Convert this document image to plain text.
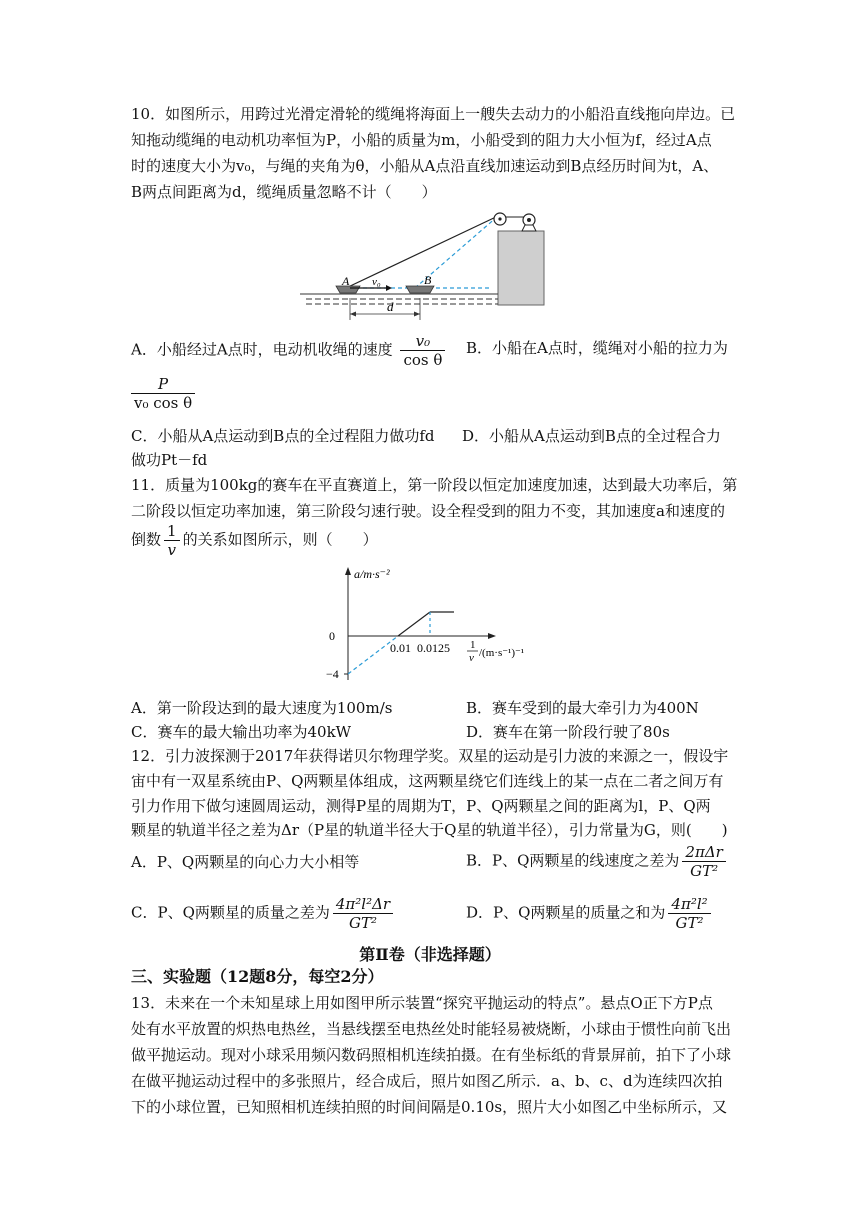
10．如图所示，用跨过光滑定滑轮的缆绳将海面上一艘失去动力的小船沿直线拖向岸边。已
知拖动缆绳的电动机功率恒为P，小船的质量为m，小船受到的阻力大小恒为f，经过A点
时的速度大小为v₀，与绳的夹角为θ，小船从A点沿直线加速运动到B点经历时间为t，A、
B两点间距离为d，缆绳质量忽略不计（　　）
A	B
v₀
d
A．小船经过A点时，电动机收绳的速度 $\frac{\text{v₀}}{\text{cos θ}}$ B．小船在A点时，缆绳对小船的拉力为
$\frac{P}{\text{v₀ cos θ}}$
C．小船从A点运动到B点的全过程阻力做功fd D．小船从A点运动到B点的全过程合力
做功Pt－fd
11．质量为100kg的赛车在平直赛道上，第一阶段以恒定加速度加速，达到最大功率后，第
二阶段以恒定功率加速，第三阶段匀速行驶。设全程受到的阻力不变，其加速度a和速度的
倒数 $\frac{1}{v}$ 的关系如图所示，则（　　）
a/m·s⁻²
0
−4
0.01 0.0125 1
v /(m·s⁻¹)⁻¹
A．第一阶段达到的最大速度为100m/s	B．赛车受到的最大牵引力为400N
C．赛车的最大输出功率为40kW	D．赛车在第一阶段行驶了80s
12．引力波探测于2017年获得诺贝尔物理学奖。双星的运动是引力波的来源之一，假设宇
宙中有一双星系统由P、Q两颗星体组成，这两颗星绕它们连线上的某一点在二者之间万有
引力作用下做匀速圆周运动，测得P星的周期为T，P、Q两颗星之间的距离为l，P、Q两
颗星的轨道半径之差为Δr（P星的轨道半径大于Q星的轨道半径），引力常量为G，则(　　)
A．P、Q两颗星的向心力大小相等	B．P、Q两颗星的线速度之差为 $\frac{\text{2πΔr}}{\text{GT²}}$
C．P、Q两颗星的质量之差为 $\frac{\text{4π²l²Δr}}{\text{GT²}}$	D．P、Q两颗星的质量之和为 $\frac{\text{4π²l²}}{\text{GT²}}$
第Ⅱ卷（非选择题）
三、实验题（12题8分，每空2分）
13．未来在一个未知星球上用如图甲所示装置“探究平抛运动的特点”。悬点O正下方P点
处有水平放置的炽热电热丝，当悬线摆至电热丝处时能轻易被烧断，小球由于惯性向前飞出
做平抛运动。现对小球采用频闪数码照相机连续拍摄。在有坐标纸的背景屏前，拍下了小球
在做平抛运动过程中的多张照片，经合成后，照片如图乙所示．a、b、c、d为连续四次拍
下的小球位置，已知照相机连续拍照的时间间隔是0.10s，照片大小如图乙中坐标所示，又
